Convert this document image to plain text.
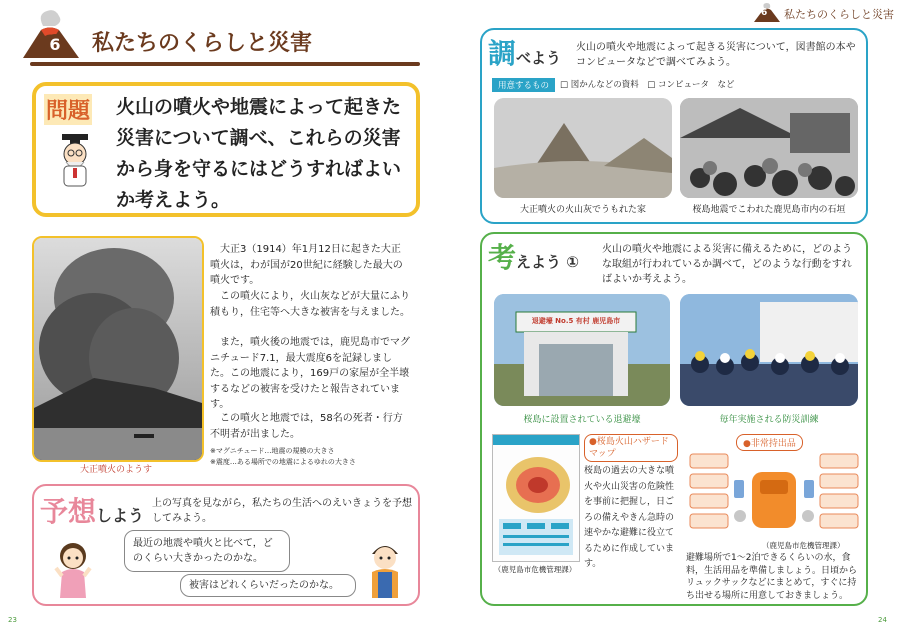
6 私たちのくらしと災害
問題 火山の噴火や地震によって起きた災害について調べ、これらの災害から身を守るにはどうすればよいか考えよう。
大正噴火のようす
大正3（1914）年1月12日に起きた大正噴火は，わが国が20世紀に経験した最大の噴火です。
この噴火により，火山灰などが大量にふり積もり，住宅等へ大きな被害を与えました。
また，噴火後の地震では，鹿児島市でマグニチュード7.1，最大震度6を記録しました。この地震により，169戸の家屋が全半壊するなどの被害を受けたと報告されています。
この噴火と地震では，58名の死者・行方不明者が出ました。
※マグニチュード…地震の規模の大きさ
※震度…ある場所での地震によるゆれの大きさ
予想しよう
上の写真を見ながら，私たちの生活へのえいきょうを予想してみよう。
最近の地震や噴火と比べて，どのくらい大きかったのかな。
被害はどれくらいだったのかな。
23
6 私たちのくらしと災害
調べよう
火山の噴火や地震によって起きる災害について，図書館の本やコンピュータなどで調べてみよう。
用意するもの	□ 図かんなどの資料　□ コンピュータ　など
大正噴火の火山灰でうもれた家	桜島地震でこわれた鹿児島市内の石垣
考えよう ①
火山の噴火や地震による災害に備えるために，どのような取組が行われているか調べて，どのような行動をすればよいか考えよう。
退避壕 No.5 有村 鹿児島市
桜島に設置されている退避壕	毎年実施される防災訓練
（鹿児島市危機管理課）
●桜島火山ハザードマップ
桜島の過去の大きな噴火や火山災害の危険性を事前に把握し，日ごろの備えやきん急時の速やかな避難に役立てるために作成しています。
●非常持出品
（鹿児島市危機管理課）
避難場所で1～2泊できるくらいの水，食料，生活用品を準備しましょう。日頃からリュックサックなどにまとめて，すぐに持ち出せる場所に用意しておきましょう。
24
